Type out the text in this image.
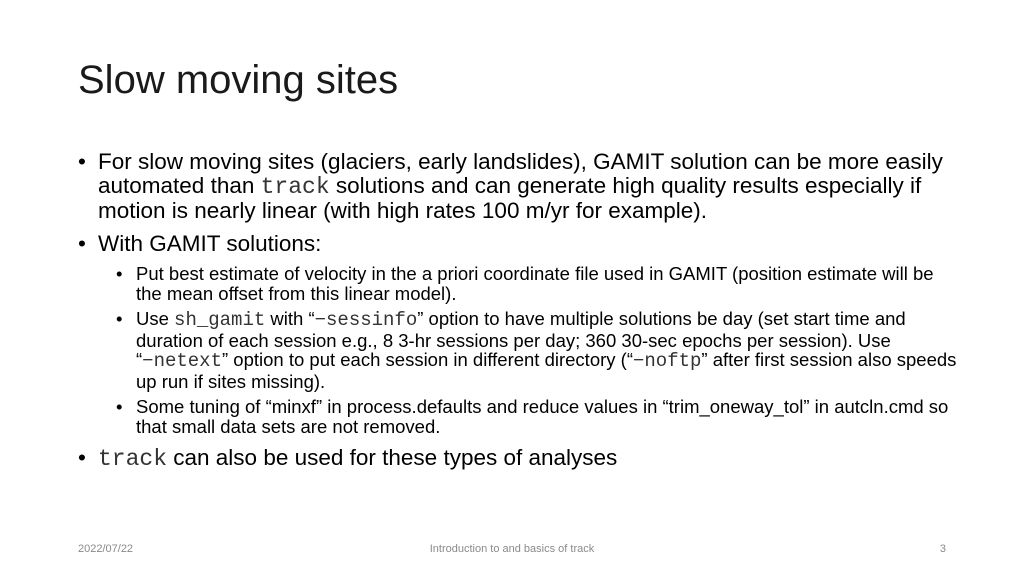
Slow moving sites
• For slow moving sites (glaciers, early landslides), GAMIT solution can be more easily automated than track solutions and can generate high quality results especially if motion is nearly linear (with high rates 100 m/yr for example).
• With GAMIT solutions:
• Put best estimate of velocity in the a priori coordinate file used in GAMIT (position estimate will be the mean offset from this linear model).
• Use sh_gamit with “−sessinfo” option to have multiple solutions be day (set start time and duration of each session e.g., 8 3-hr sessions per day; 360 30-sec epochs per session). Use “−netext” option to put each session in different directory (“−noftp” after first session also speeds up run if sites missing).
• Some tuning of “minxf” in process.defaults and reduce values in “trim_oneway_tol” in autcln.cmd so that small data sets are not removed.
• track can also be used for these types of analyses
2022/07/22	Introduction to and basics of track	3
